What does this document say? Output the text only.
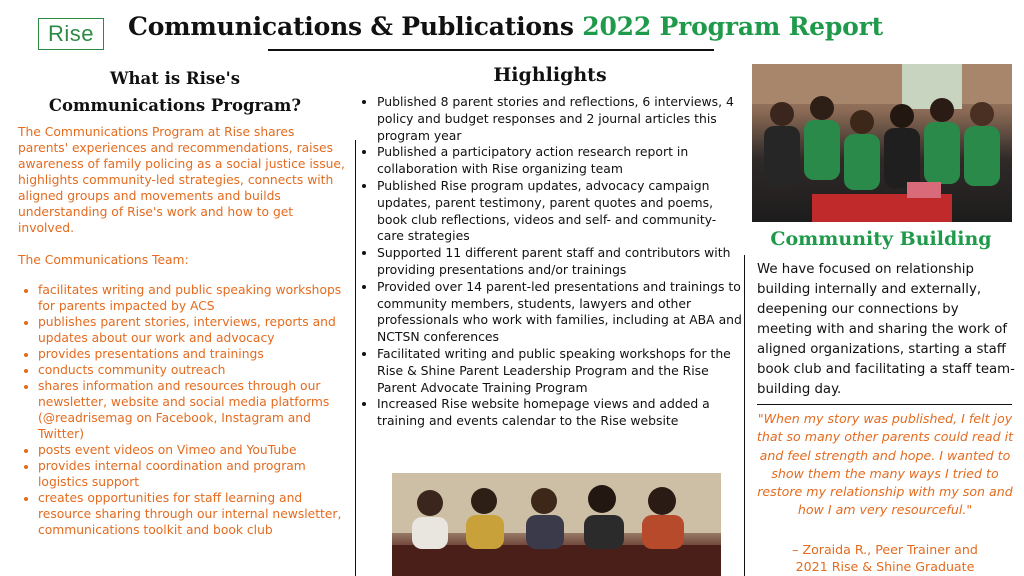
Rise	Communications & Publications 2022 Program Report
What is Rise's
Communications Program?

The Communications Program at Rise shares parents' experiences and recommendations, raises awareness of family policing as a social justice issue, highlights community-led strategies, connects with aligned groups and movements and builds understanding of Rise's work and how to get involved.

The Communications Team:

• facilitates writing and public speaking workshops for parents impacted by ACS
• publishes parent stories, interviews, reports and updates about our work and advocacy
• provides presentations and trainings
• conducts community outreach
• shares information and resources through our newsletter, website and social media platforms (@readrisemag on Facebook, Instagram and Twitter)
• posts event videos on Vimeo and YouTube
• provides internal coordination and program logistics support
• creates opportunities for staff learning and resource sharing through our internal newsletter, communications toolkit and book club
Highlights
• Published 8 parent stories and reflections, 6 interviews, 4 policy and budget responses and 2 journal articles this program year
• Published a participatory action research report in collaboration with Rise organizing team
• Published Rise program updates, advocacy campaign updates, parent testimony, parent quotes and poems, book club reflections, videos and self- and community-care strategies
• Supported 11 different parent staff and contributors with providing presentations and/or trainings
• Provided over 14 parent-led presentations and trainings to community members, students, lawyers and other professionals who work with families, including at ABA and NCTSN conferences
• Facilitated writing and public speaking workshops for the Rise & Shine Parent Leadership Program and the Rise Parent Advocate Training Program
• Increased Rise website homepage views and added a training and events calendar to the Rise website
Community Building
We have focused on relationship building internally and externally, deepening our connections by meeting with and sharing the work of aligned organizations, starting a staff book club and facilitating a staff team-building day.
"When my story was published, I felt joy that so many other parents could read it and feel strength and hope. I wanted to show them the many ways I tried to restore my relationship with my son and how I am very resourceful."
– Zoraida R., Peer Trainer and
2021 Rise & Shine Graduate
